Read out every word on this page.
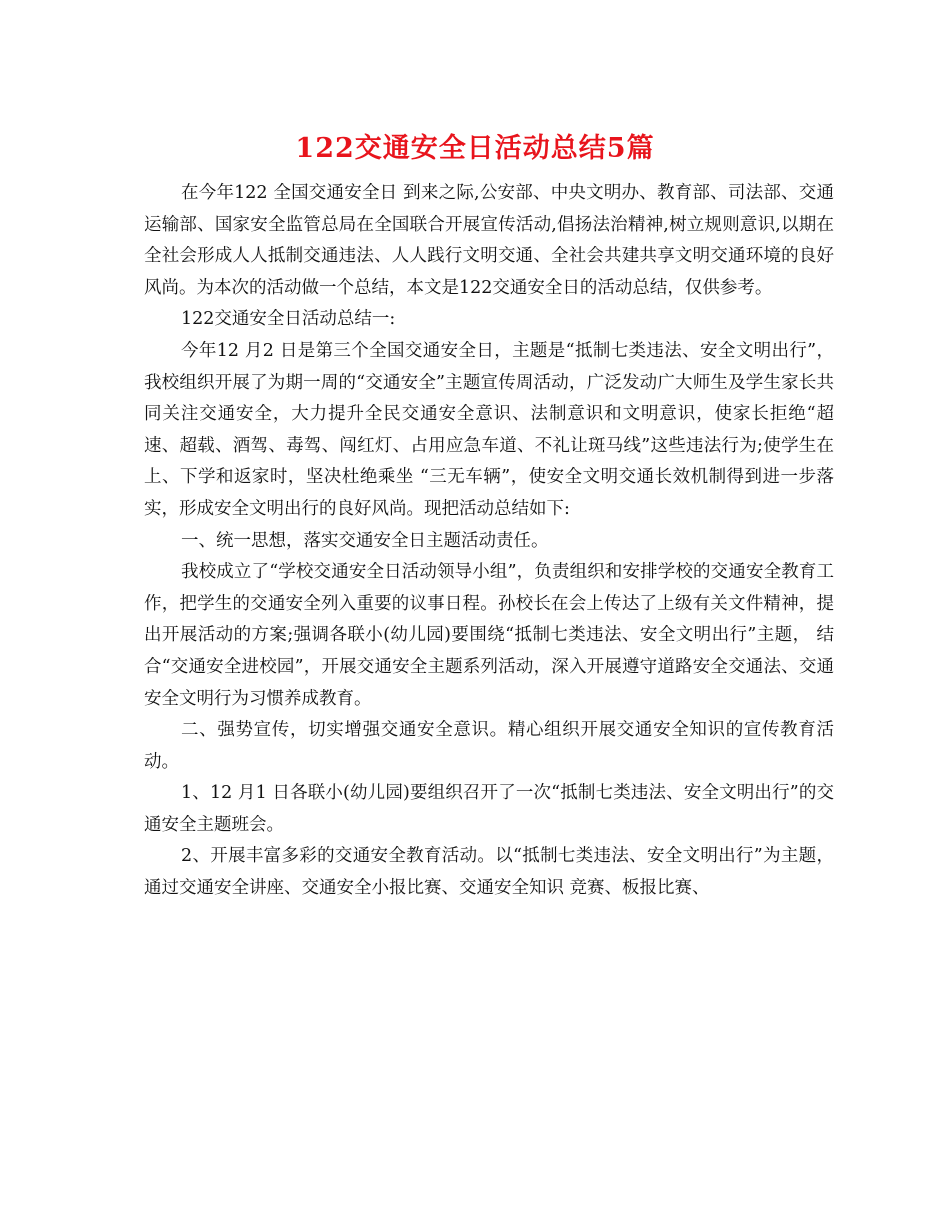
122交通安全日活动总结5篇

在今年122 全国交通安全日 到来之际,公安部、中央文明办、教育部、司法部、交通运输部、国家安全监管总局在全国联合开展宣传活动,倡扬法治精神,树立规则意识,以期在全社会形成人人抵制交通违法、人人践行文明交通、全社会共建共享文明交通环境的良好风尚。为本次的活动做一个总结，本文是122交通安全日的活动总结，仅供参考。

122交通安全日活动总结一:

今年12 月2 日是第三个全国交通安全日，主题是“抵制七类违法、安全文明出行”，我校组织开展了为期一周的“交通安全”主题宣传周活动，广泛发动广大师生及学生家长共同关注交通安全，大力提升全民交通安全意识、法制意识和文明意识，使家长拒绝“超速、超载、酒驾、毒驾、闯红灯、占用应急车道、不礼让斑马线”这些违法行为;使学生在上、下学和返家时，坚决杜绝乘坐 “三无车辆”，使安全文明交通长效机制得到进一步落实，形成安全文明出行的良好风尚。现把活动总结如下:

一、统一思想，落实交通安全日主题活动责任。

我校成立了“学校交通安全日活动领导小组”，负责组织和安排学校的交通安全教育工作，把学生的交通安全列入重要的议事日程。孙校长在会上传达了上级有关文件精神，提出开展活动的方案;强调各联小(幼儿园)要围绕“抵制七类违法、安全文明出行”主题， 结合“交通安全进校园”，开展交通安全主题系列活动，深入开展遵守道路安全交通法、交通安全文明行为习惯养成教育。

二、强势宣传，切实增强交通安全意识。精心组织开展交通安全知识的宣传教育活动。

1、12 月1 日各联小(幼儿园)要组织召开了一次“抵制七类违法、安全文明出行”的交通安全主题班会。

2、开展丰富多彩的交通安全教育活动。以“抵制七类违法、安全文明出行”为主题，通过交通安全讲座、交通安全小报比赛、交通安全知识 竞赛、板报比赛、
